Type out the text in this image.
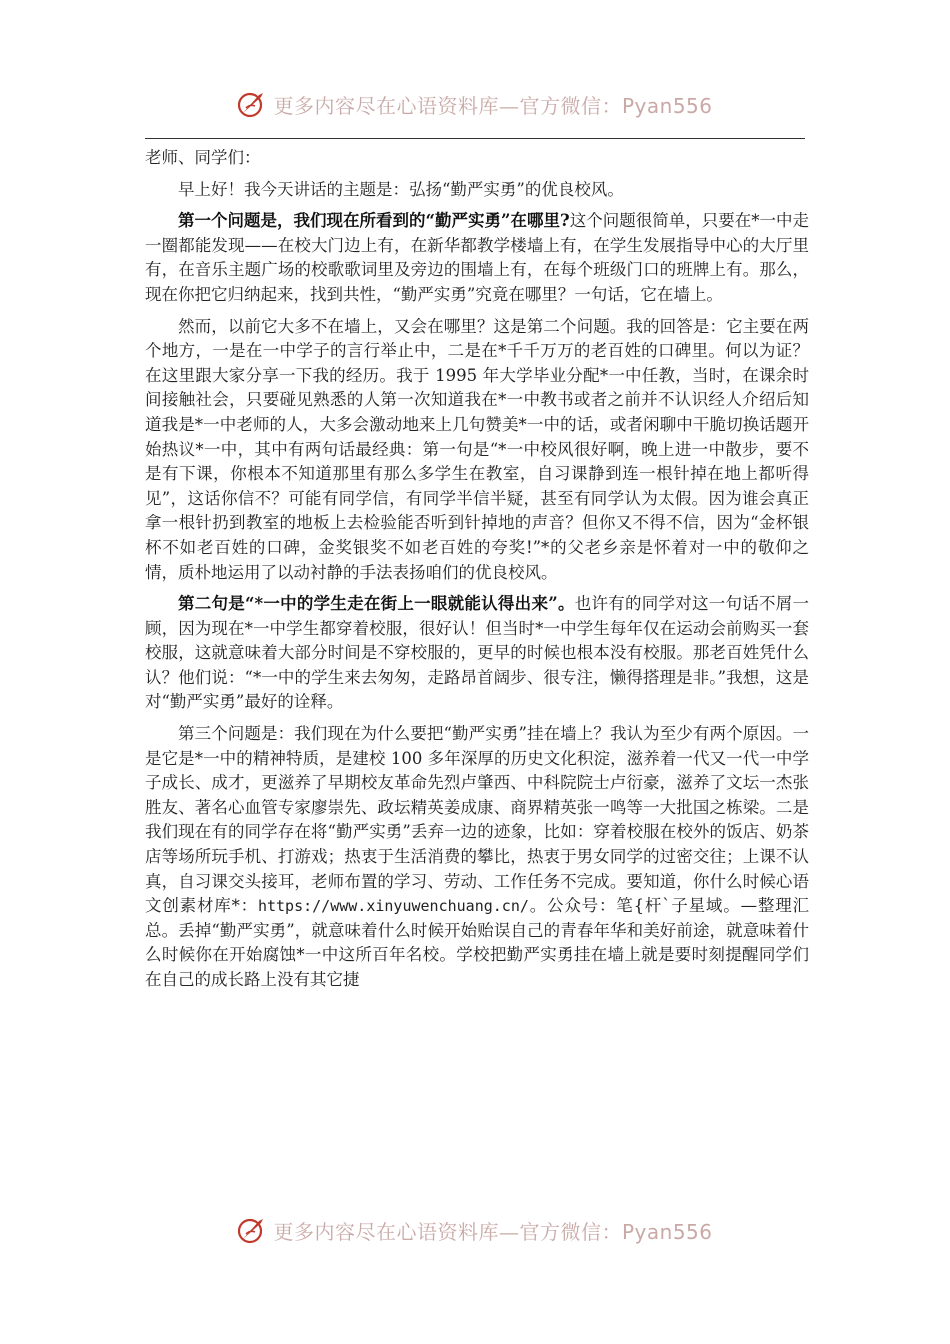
更多内容尽在心语资料库—官方微信：Pyan556

老师、同学们：

早上好！我今天讲话的主题是：弘扬“勤严实勇”的优良校风。

第一个问题是，我们现在所看到的“勤严实勇”在哪里?这个问题很简单，只要在*一中走一圈都能发现——在校大门边上有，在新华都教学楼墙上有，在学生发展指导中心的大厅里有，在音乐主题广场的校歌歌词里及旁边的围墙上有，在每个班级门口的班牌上有。那么，现在你把它归纳起来，找到共性，“勤严实勇”究竟在哪里？一句话，它在墙上。

然而，以前它大多不在墙上，又会在哪里？这是第二个问题。我的回答是：它主要在两个地方，一是在一中学子的言行举止中，二是在*千千万万的老百姓的口碑里。何以为证？在这里跟大家分享一下我的经历。我于 1995 年大学毕业分配*一中任教，当时，在课余时间接触社会，只要碰见熟悉的人第一次知道我在*一中教书或者之前并不认识经人介绍后知道我是*一中老师的人，大多会激动地来上几句赞美*一中的话，或者闲聊中干脆切换话题开始热议*一中，其中有两句话最经典：第一句是“*一中校风很好啊，晚上进一中散步，要不是有下课，你根本不知道那里有那么多学生在教室，自习课静到连一根针掉在地上都听得见”，这话你信不？可能有同学信，有同学半信半疑，甚至有同学认为太假。因为谁会真正拿一根针扔到教室的地板上去检验能否听到针掉地的声音？但你又不得不信，因为“金杯银杯不如老百姓的口碑，金奖银奖不如老百姓的夸奖!”*的父老乡亲是怀着对一中的敬仰之情，质朴地运用了以动衬静的手法表扬咱们的优良校风。

第二句是“*一中的学生走在街上一眼就能认得出来”。也许有的同学对这一句话不屑一顾，因为现在*一中学生都穿着校服，很好认！但当时*一中学生每年仅在运动会前购买一套校服，这就意味着大部分时间是不穿校服的，更早的时候也根本没有校服。那老百姓凭什么认？他们说：“*一中的学生来去匆匆，走路昂首阔步、很专注，懒得搭理是非。”我想，这是对“勤严实勇”最好的诠释。

第三个问题是：我们现在为什么要把“勤严实勇”挂在墙上？我认为至少有两个原因。一是它是*一中的精神特质，是建校 100 多年深厚的历史文化积淀，滋养着一代又一代一中学子成长、成才，更滋养了早期校友革命先烈卢肇西、中科院院士卢衍豪，滋养了文坛一杰张胜友、著名心血管专家廖崇先、政坛精英姜成康、商界精英张一鸣等一大批国之栋梁。二是我们现在有的同学存在将“勤严实勇”丢弃一边的迹象，比如：穿着校服在校外的饭店、奶茶店等场所玩手机、打游戏；热衷于生活消费的攀比，热衷于男女同学的过密交往；上课不认真，自习课交头接耳，老师布置的学习、劳动、工作任务不完成。要知道，你什么时候心语文创素材库*：https://www.xinyuwenchuang.cn/。公众号：笔{杆`子星域。—整理汇总。丢掉“勤严实勇”，就意味着什么时候开始贻误自己的青春年华和美好前途，就意味着什么时候你在开始腐蚀*一中这所百年名校。学校把勤严实勇挂在墙上就是要时刻提醒同学们在自己的成长路上没有其它捷

更多内容尽在心语资料库—官方微信：Pyan556
